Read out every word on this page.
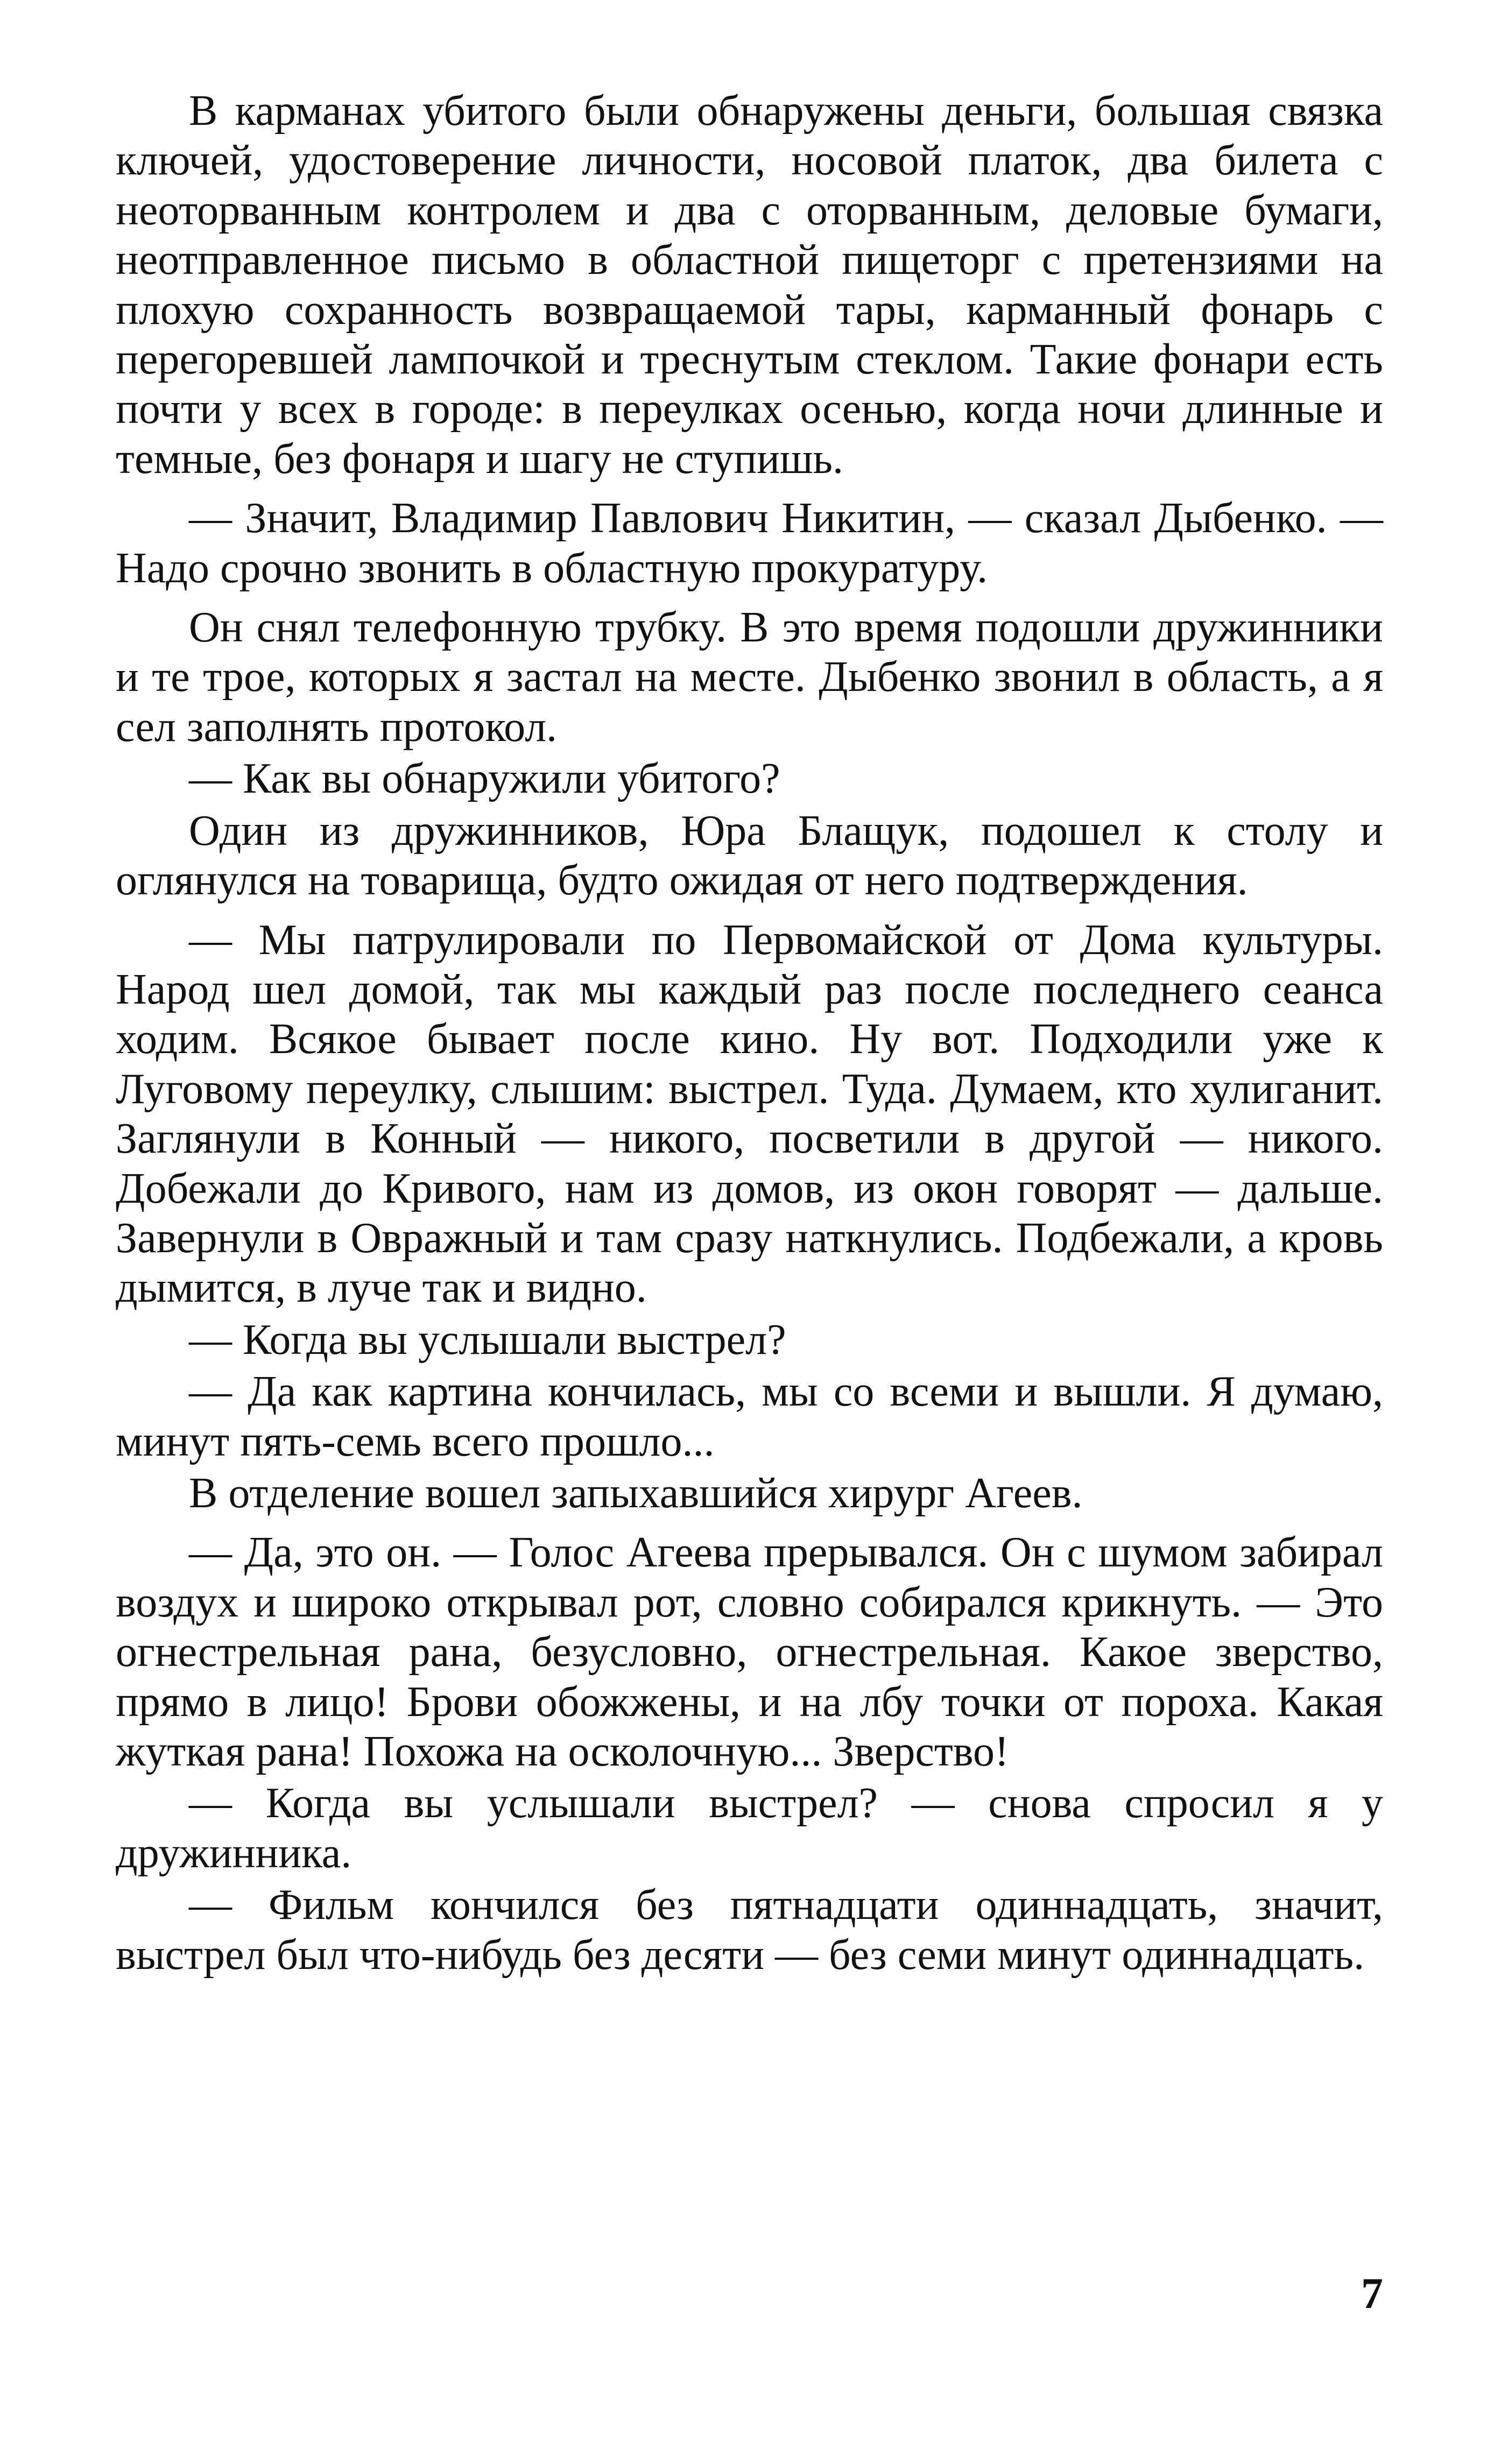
В карманах убитого были обнаружены деньги, большая связка ключей, удостоверение личности, носовой платок, два билета с неоторванным контролем и два с оторванным, деловые бумаги, неотправленное письмо в областной пищеторг с претензиями на плохую сохранность возвращаемой тары, карманный фонарь с перегоревшей лампочкой и треснутым стеклом. Такие фонари есть почти у всех в городе: в переулках осенью, когда ночи длинные и темные, без фонаря и шагу не ступишь.

— Значит, Владимир Павлович Никитин, — сказал Дыбенко. — Надо срочно звонить в областную прокуратуру.

Он снял телефонную трубку. В это время подошли дружинники и те трое, которых я застал на месте. Дыбенко звонил в область, а я сел заполнять протокол.

— Как вы обнаружили убитого?

Один из дружинников, Юра Блащук, подошел к столу и оглянулся на товарища, будто ожидая от него подтверждения.

— Мы патрулировали по Первомайской от Дома культуры. Народ шел домой, так мы каждый раз после последнего сеанса ходим. Всякое бывает после кино. Ну вот. Подходили уже к Луговому переулку, слышим: выстрел. Туда. Думаем, кто хулиганит. Заглянули в Конный — никого, посветили в другой — никого. Добежали до Кривого, нам из домов, из окон говорят — дальше. Завернули в Овражный и там сразу наткнулись. Подбежали, а кровь дымится, в луче так и видно.

— Когда вы услышали выстрел?

— Да как картина кончилась, мы со всеми и вышли. Я думаю, минут пять-семь всего прошло...

В отделение вошел запыхавшийся хирург Агеев.

— Да, это он. — Голос Агеева прерывался. Он с шумом забирал воздух и широко открывал рот, словно собирался крикнуть. — Это огнестрельная рана, безусловно, огнестрельная. Какое зверство, прямо в лицо! Брови обожжены, и на лбу точки от пороха. Какая жуткая рана! Похожа на осколочную... Зверство!

— Когда вы услышали выстрел? — снова спросил я у дружинника.

— Фильм кончился без пятнадцати одиннадцать, значит, выстрел был что-нибудь без десяти — без семи минут одиннадцать.

7
